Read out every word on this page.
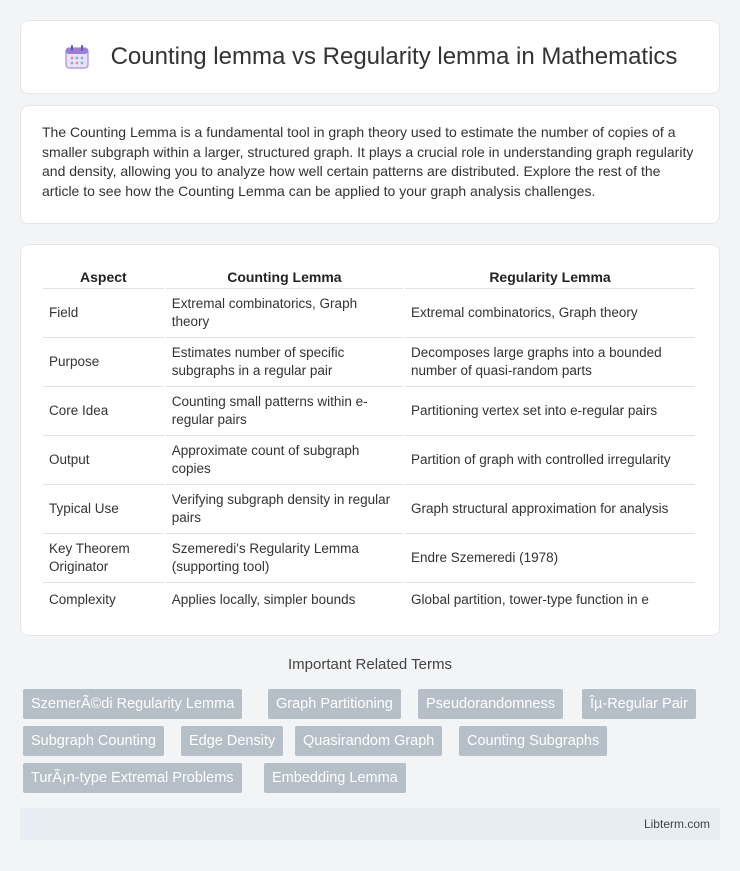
Counting lemma vs Regularity lemma in Mathematics

The Counting Lemma is a fundamental tool in graph theory used to estimate the number of copies of a smaller subgraph within a larger, structured graph. It plays a crucial role in understanding graph regularity and density, allowing you to analyze how well certain patterns are distributed. Explore the rest of the article to see how the Counting Lemma can be applied to your graph analysis challenges.

Aspect	Counting Lemma	Regularity Lemma
Field	Extremal combinatorics, Graph theory	Extremal combinatorics, Graph theory
Purpose	Estimates number of specific subgraphs in a regular pair	Decomposes large graphs into a bounded number of quasi-random parts
Core Idea	Counting small patterns within e-regular pairs	Partitioning vertex set into e-regular pairs
Output	Approximate count of subgraph copies	Partition of graph with controlled irregularity
Typical Use	Verifying subgraph density in regular pairs	Graph structural approximation for analysis
Key Theorem Originator	Szemeredi's Regularity Lemma (supporting tool)	Endre Szemeredi (1978)
Complexity	Applies locally, simpler bounds	Global partition, tower-type function in e
Important Related Terms
SzemerÃ©di Regularity Lemma	Graph Partitioning	Pseudorandomness	Îµ-Regular Pair
Subgraph Counting	Edge Density	Quasirandom Graph	Counting Subgraphs
TurÃ¡n-type Extremal Problems	Embedding Lemma
Libterm.com
